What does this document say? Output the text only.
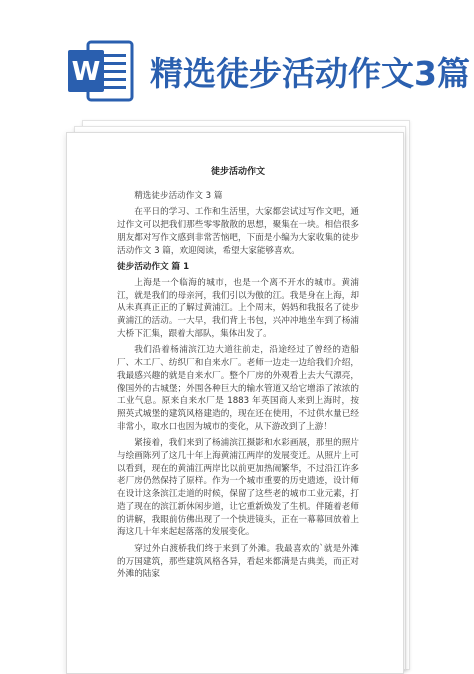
W 精选徒步活动作文3篇
徒步活动作文

精选徒步活动作文 3 篇

在平日的学习、工作和生活里，大家都尝试过写作文吧，通过作文可以把我们那些零零散散的思想，聚集在一块。相信很多朋友都对写作文感到非常苦恼吧，下面是小编为大家收集的徒步活动作文 3 篇，欢迎阅读，希望大家能够喜欢。

徒步活动作文 篇 1

上海是一个临海的城市，也是一个离不开水的城市。黄浦江，就是我们的母亲河，我们引以为傲的江。我是身在上海，却从未真真正正的了解过黄浦江。上个周末，妈妈和我报名了徒步黄浦江的活动。一大早，我们背上书包，兴冲冲地坐车到了杨浦大桥下汇集，跟着大部队，集体出发了。

我们沿着杨浦滨江边大道往前走，沿途经过了曾经的造船厂、木工厂、纺织厂和自来水厂。老师一边走一边给我们介绍，我最感兴趣的就是自来水厂。整个厂房的外观看上去大气漂亮，像国外的古城堡；外围各种巨大的输水管道又给它增添了浓浓的工业气息。原来自来水厂是 1883 年英国商人来到上海时，按照英式城堡的建筑风格建造的，现在还在使用，不过供水量已经非常小，取水口也因为城市的变化，从下游改到了上游！

紧接着，我们来到了杨浦滨江摄影和水彩画展，那里的照片与绘画陈列了这几十年上海黄浦江两岸的发展变迁。从照片上可以看到，现在的黄浦江两岸比以前更加热闹繁华，不过沿江许多老厂房仍然保持了原样。作为一个城市重要的历史遗迹，设计师在设计这条滨江走道的时候，保留了这些老的城市工业元素，打造了现在的滨江新休闲步道，让它重新焕发了生机。伴随着老师的讲解，我眼前仿佛出现了一个快进镜头，正在一幕幕回放着上海这几十年来起起落落的发展变化。

穿过外白渡桥我们终于来到了外滩。我最喜欢的`就是外滩的万国建筑，那些建筑风格各异，看起来都满是古典美，而正对外滩的陆家
